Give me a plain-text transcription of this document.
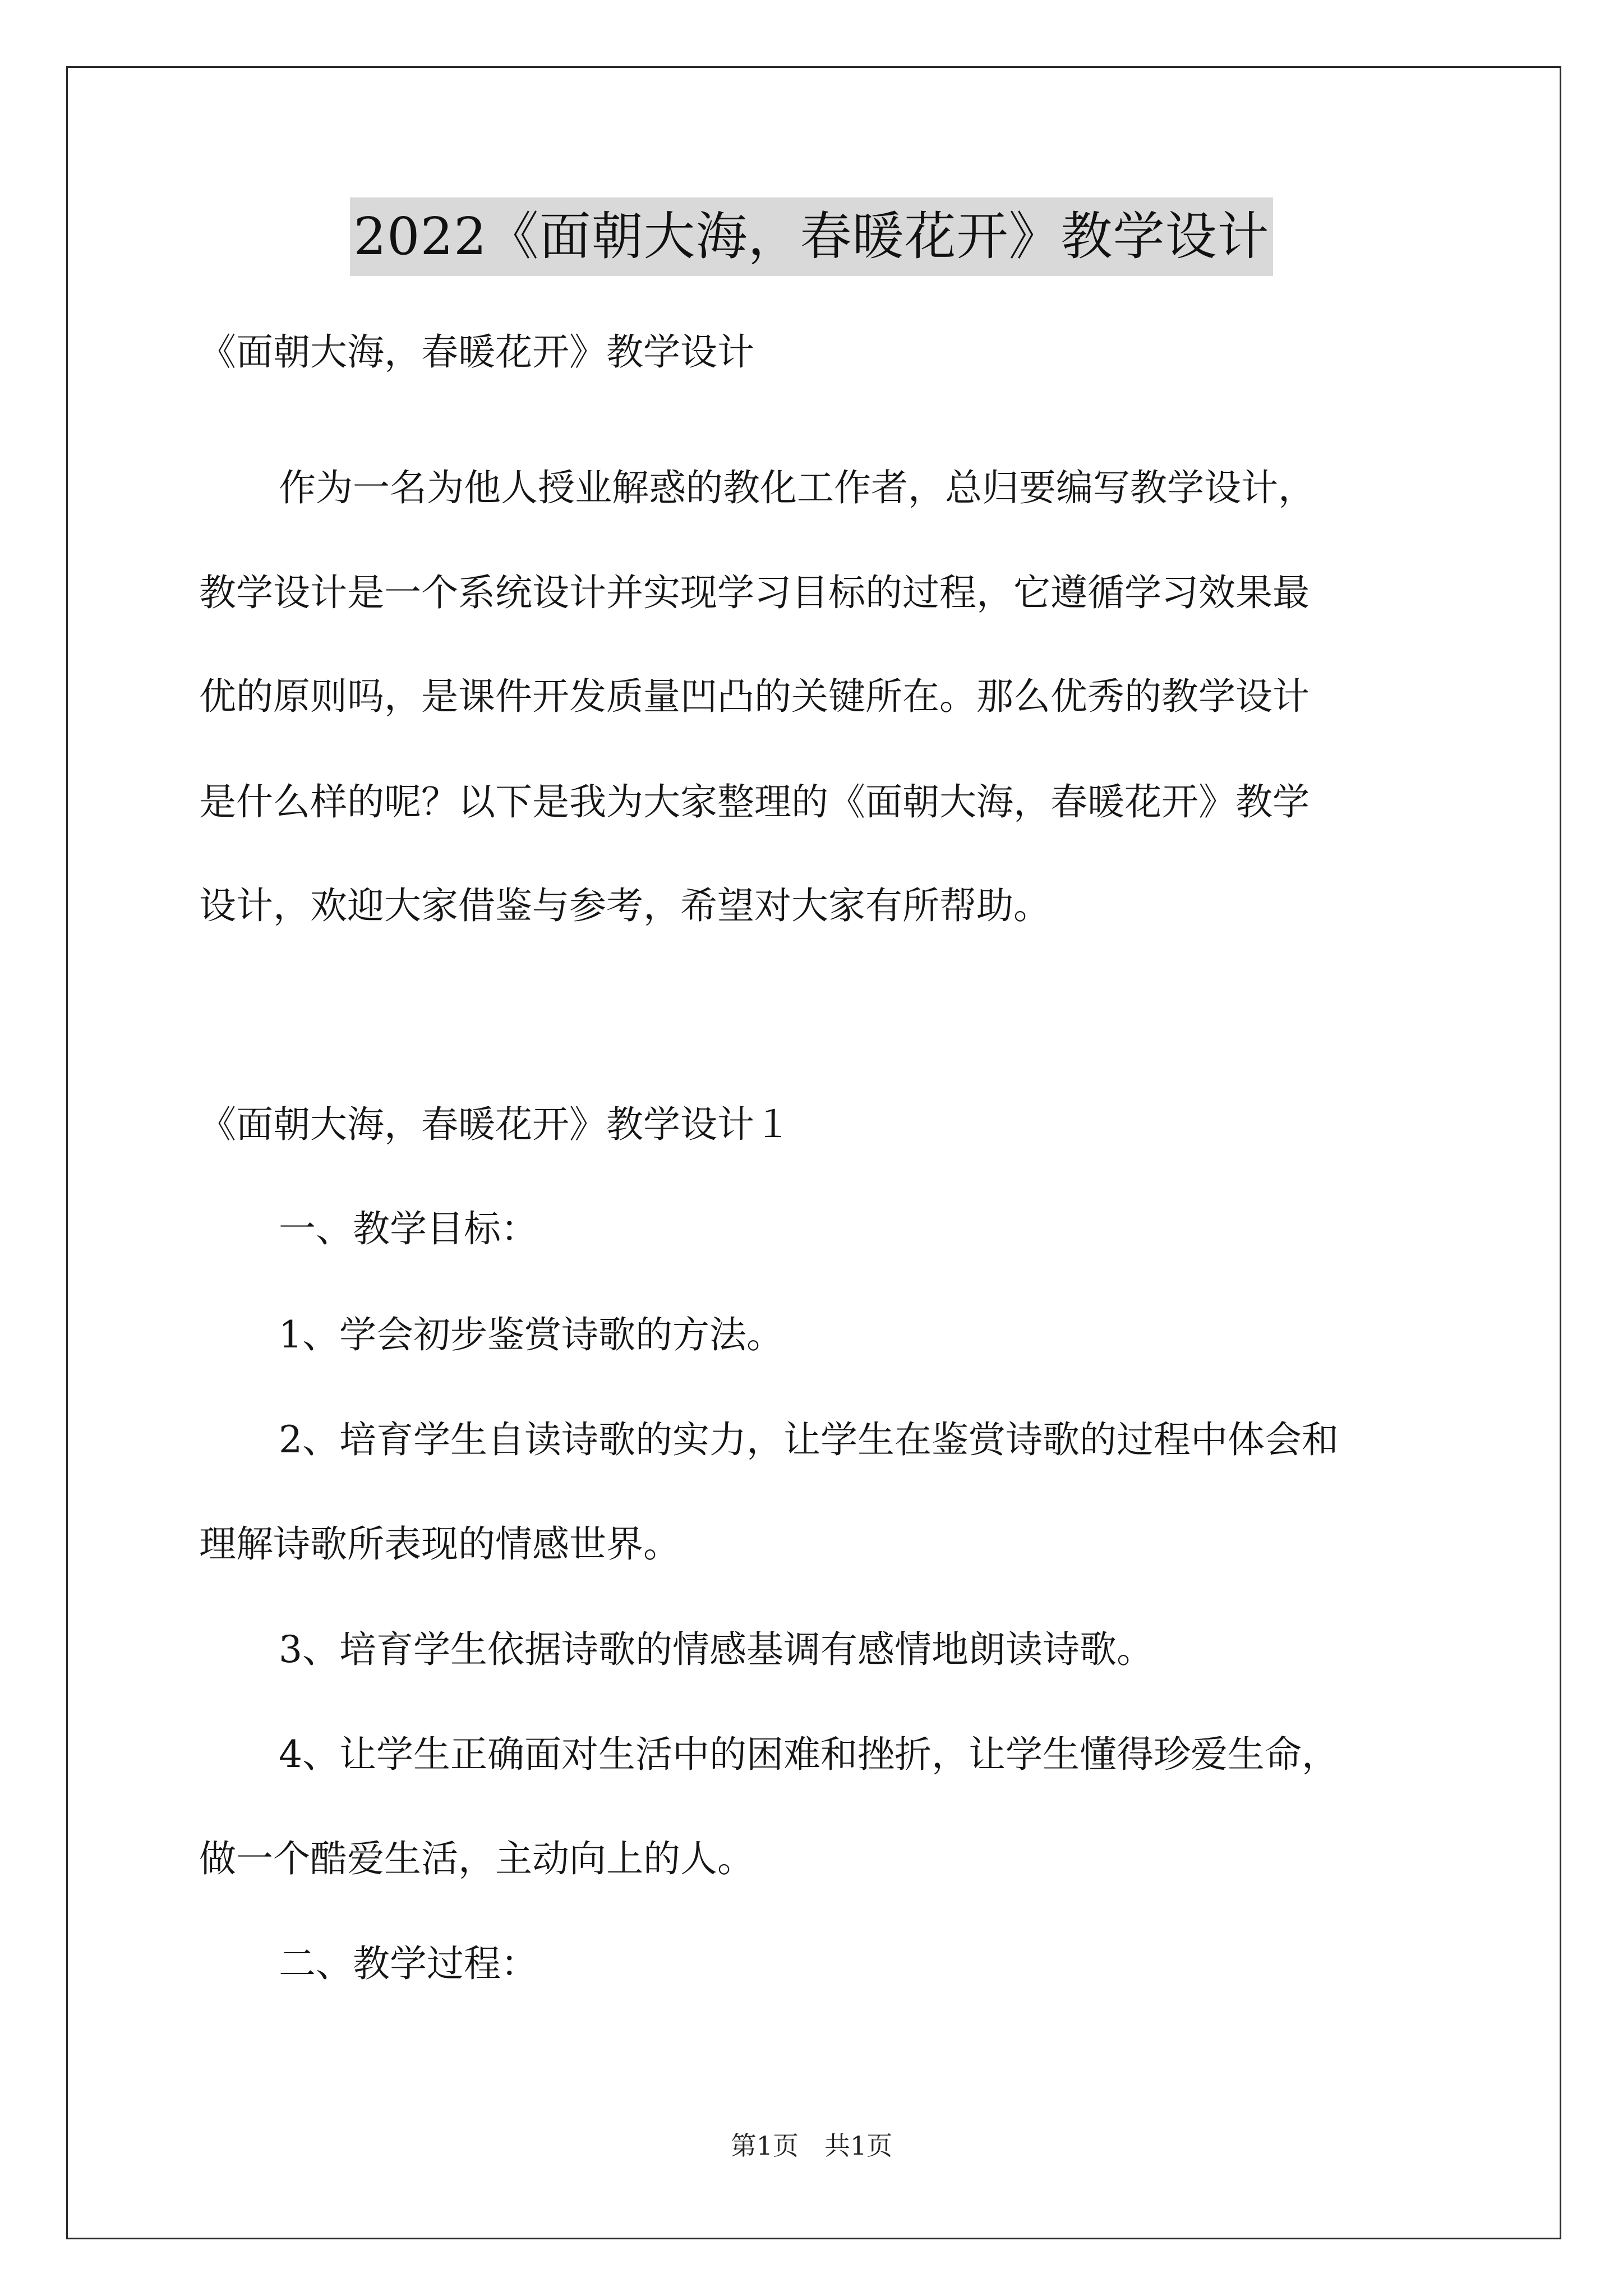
2022《面朝大海，春暖花开》教学设计
《面朝大海，春暖花开》教学设计
作为一名为他人授业解惑的教化工作者，总归要编写教学设计，
教学设计是一个系统设计并实现学习目标的过程，它遵循学习效果最
优的原则吗，是课件开发质量凹凸的关键所在。那么优秀的教学设计
是什么样的呢？以下是我为大家整理的《面朝大海，春暖花开》教学
设计，欢迎大家借鉴与参考，希望对大家有所帮助。
《面朝大海，春暖花开》教学设计１
一、教学目标：
1、学会初步鉴赏诗歌的方法。
2、培育学生自读诗歌的实力，让学生在鉴赏诗歌的过程中体会和
理解诗歌所表现的情感世界。
3、培育学生依据诗歌的情感基调有感情地朗读诗歌。
4、让学生正确面对生活中的困难和挫折，让学生懂得珍爱生命，
做一个酷爱生活，主动向上的人。
二、教学过程：
第1页　共1页
